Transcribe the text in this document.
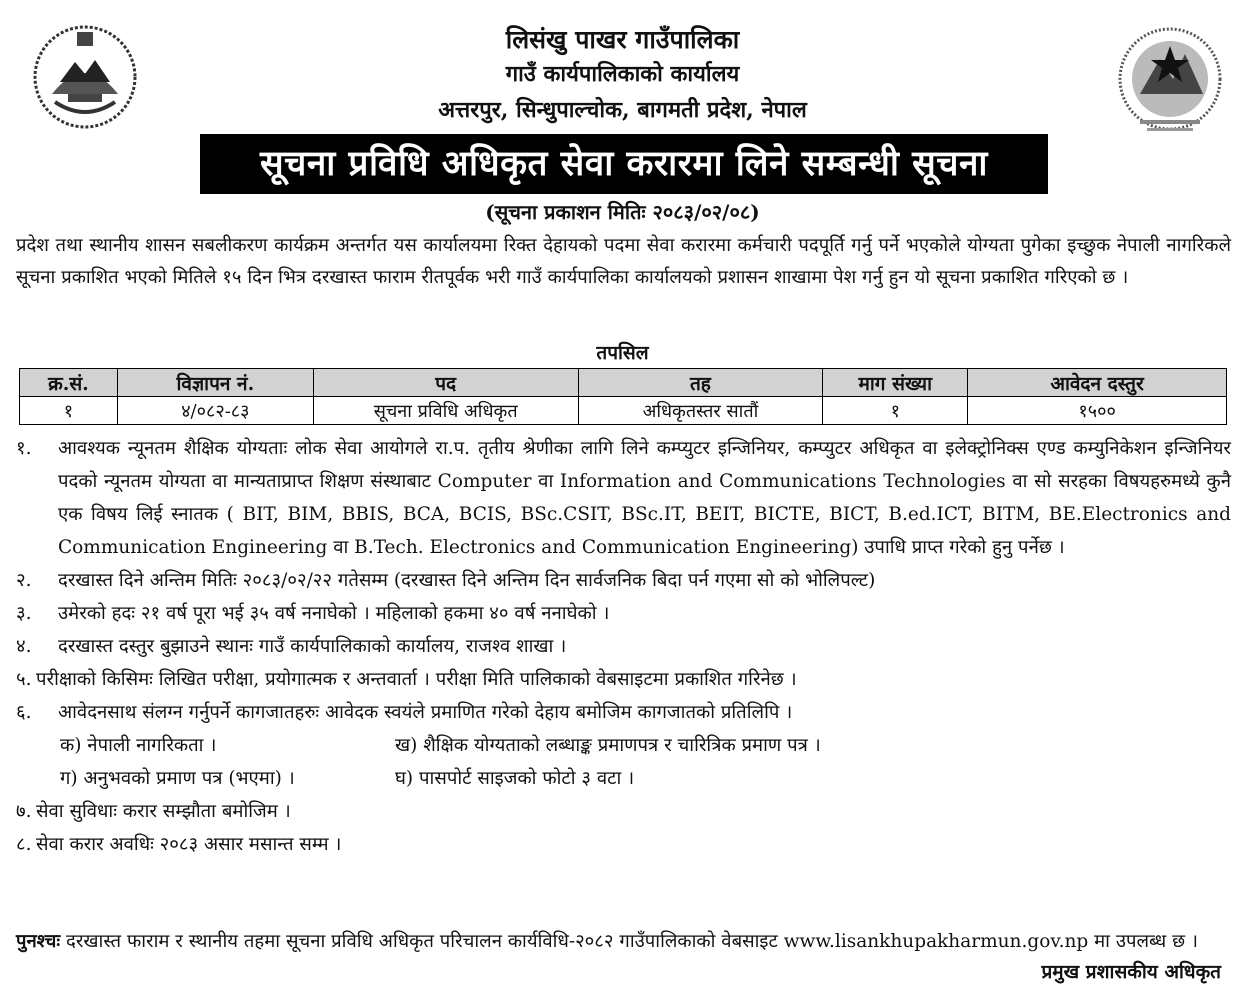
लिसंखु पाखर गाउँपालिका
गाउँ कार्यपालिकाको कार्यालय
अत्तरपुर, सिन्धुपाल्चोक, बागमती प्रदेश, नेपाल
सूचना प्रविधि अधिकृत सेवा करारमा लिने सम्बन्धी सूचना
(सूचना प्रकाशन मितिः २०८३/०२/०८)
प्रदेश तथा स्थानीय शासन सबलीकरण कार्यक्रम अन्तर्गत यस कार्यालयमा रिक्त देहायको पदमा सेवा करारमा कर्मचारी पदपूर्ति गर्नु पर्ने भएकोले योग्यता पुगेका इच्छुक नेपाली नागरिकले सूचना प्रकाशित भएको मितिले १५ दिन भित्र दरखास्त फाराम रीतपूर्वक भरी गाउँ कार्यपालिका कार्यालयको प्रशासन शाखामा पेश गर्नु हुन यो सूचना प्रकाशित गरिएको छ ।
तपसिल
क्र.सं.	विज्ञापन नं.	पद	तह	माग संख्या	आवेदन दस्तुर
१	४/०८२-८३	सूचना प्रविधि अधिकृत	अधिकृतस्तर सातौं	१	१५००
१. आवश्यक न्यूनतम शैक्षिक योग्यताः लोक सेवा आयोगले रा.प. तृतीय श्रेणीका लागि लिने कम्प्युटर इन्जिनियर, कम्प्युटर अधिकृत वा इलेक्ट्रोनिक्स एण्ड कम्युनिकेशन इन्जिनियर पदको न्यूनतम योग्यता वा मान्यताप्राप्त शिक्षण संस्थाबाट Computer वा Information and Communications Technologies वा सो सरहका विषयहरुमध्ये कुनै एक विषय लिई स्नातक ( BIT, BIM, BBIS, BCA, BCIS, BSc.CSIT, BSc.IT, BEIT, BICTE, BICT, B.ed.ICT, BITM, BE.Electronics and Communication Engineering वा B.Tech. Electronics and Communication Engineering) उपाधि प्राप्त गरेको हुनु पर्नेछ ।
२. दरखास्त दिने अन्तिम मितिः २०८३/०२/२२ गतेसम्म (दरखास्त दिने अन्तिम दिन सार्वजनिक बिदा पर्न गएमा सो को भोलिपल्ट)
३. उमेरको हदः २१ वर्ष पूरा भई ३५ वर्ष ननाघेको । महिलाको हकमा ४० वर्ष ननाघेको ।
४. दरखास्त दस्तुर बुझाउने स्थानः गाउँ कार्यपालिकाको कार्यालय, राजश्व शाखा ।
५. परीक्षाको किसिमः लिखित परीक्षा, प्रयोगात्मक र अन्तवार्ता । परीक्षा मिति पालिकाको वेबसाइटमा प्रकाशित गरिनेछ ।
६. आवेदनसाथ संलग्न गर्नुपर्ने कागजातहरुः आवेदक स्वयंले प्रमाणित गरेको देहाय बमोजिम कागजातको प्रतिलिपि ।
क) नेपाली नागरिकता ।	ख) शैक्षिक योग्यताको लब्धाङ्क प्रमाणपत्र र चारित्रिक प्रमाण पत्र ।
ग) अनुभवको प्रमाण पत्र (भएमा) ।	घ) पासपोर्ट साइजको फोटो ३ वटा ।
७. सेवा सुविधाः करार सम्झौता बमोजिम ।
८. सेवा करार अवधिः २०८३ असार मसान्त सम्म ।
पुनश्चः दरखास्त फाराम र स्थानीय तहमा सूचना प्रविधि अधिकृत परिचालन कार्यविधि-२०८२ गाउँपालिकाको वेबसाइट www.lisankhupakharmun.gov.np मा उपलब्ध छ ।
प्रमुख प्रशासकीय अधिकृत
